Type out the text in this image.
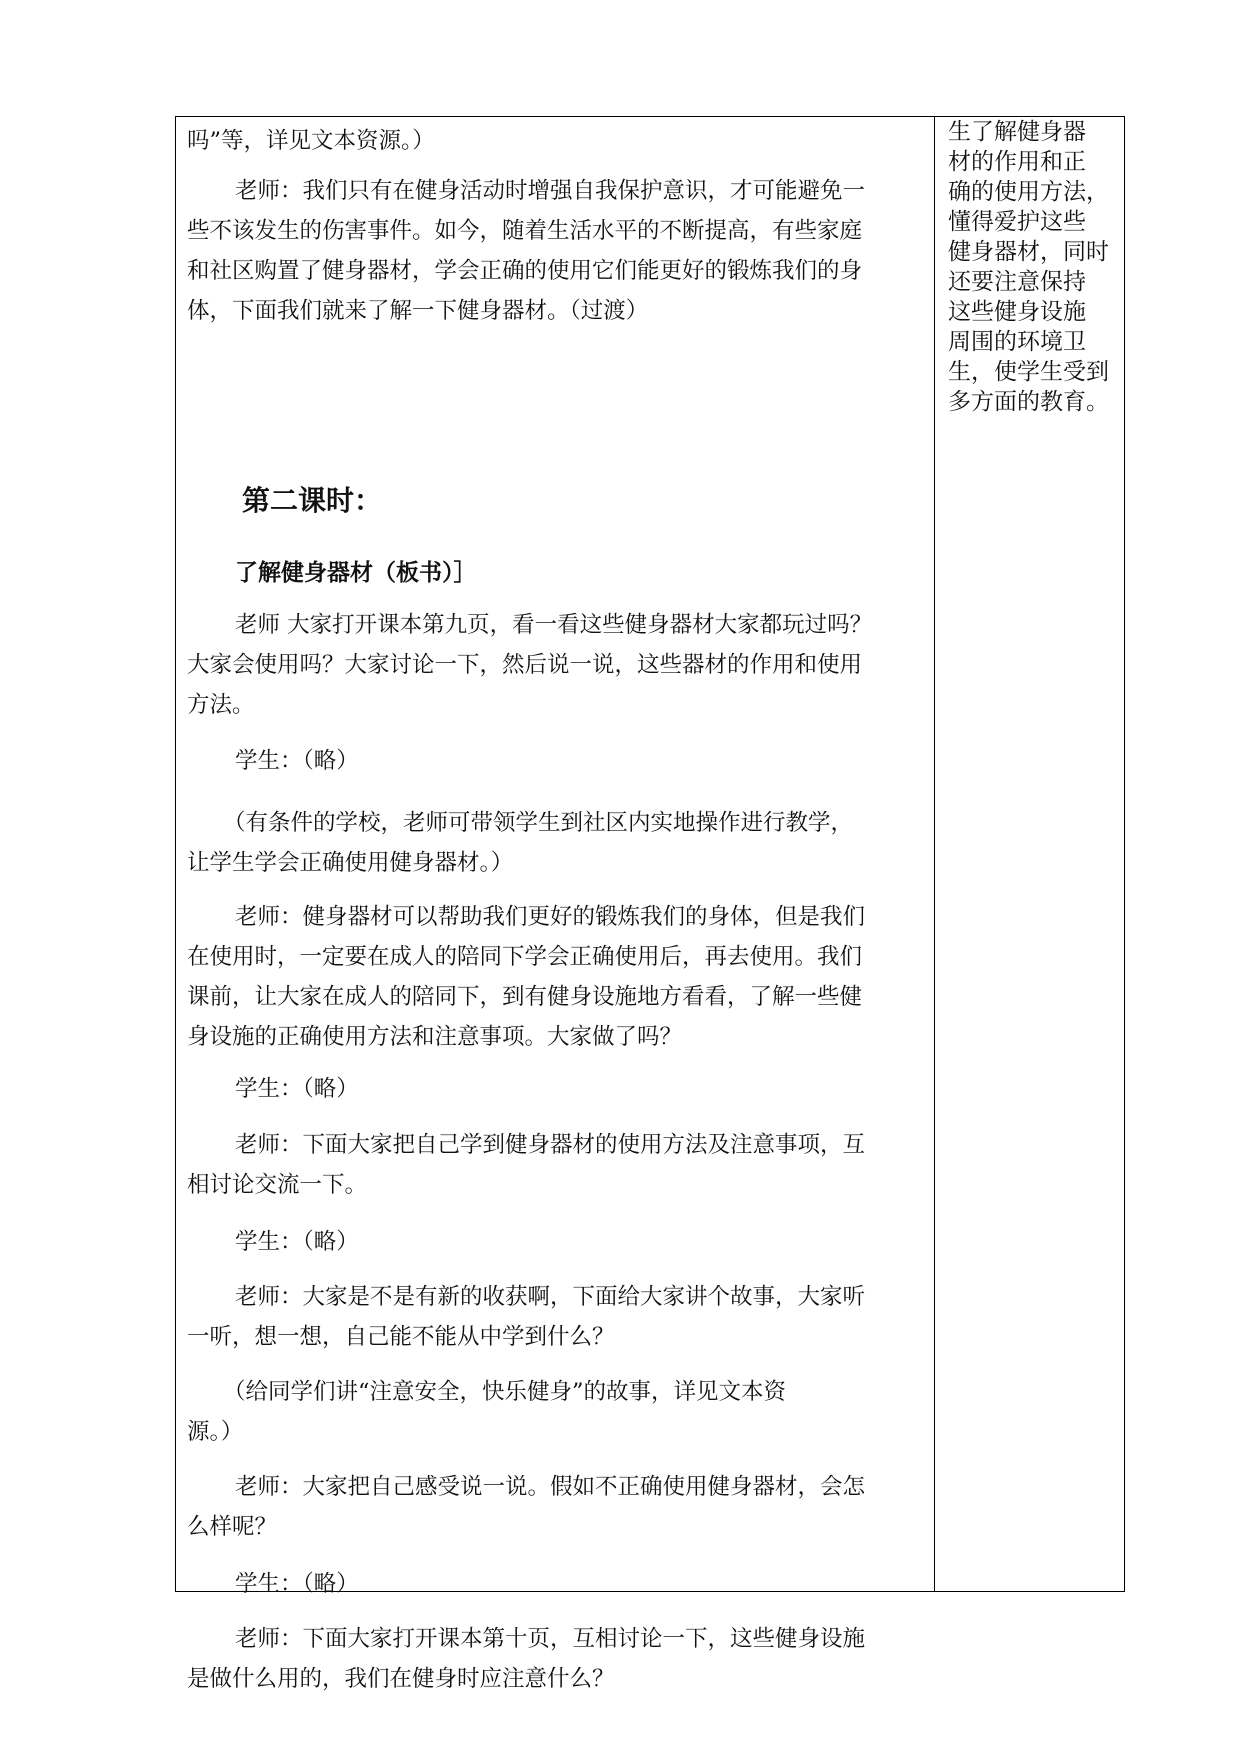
吗”等，详见文本资源。）
老师：我们只有在健身活动时增强自我保护意识，才可能避免一
些不该发生的伤害事件。如今，随着生活水平的不断提高，有些家庭
和社区购置了健身器材，学会正确的使用它们能更好的锻炼我们的身
体，下面我们就来了解一下健身器材。（过渡）
第二课时：
了解健身器材（板书）］
老师 大家打开课本第九页，看一看这些健身器材大家都玩过吗？
大家会使用吗？大家讨论一下，然后说一说，这些器材的作用和使用
方法。
学生：（略）
（有条件的学校，老师可带领学生到社区内实地操作进行教学，
让学生学会正确使用健身器材。）
老师：健身器材可以帮助我们更好的锻炼我们的身体，但是我们
在使用时，一定要在成人的陪同下学会正确使用后，再去使用。我们
课前，让大家在成人的陪同下，到有健身设施地方看看，了解一些健
身设施的正确使用方法和注意事项。大家做了吗？
学生：（略）
老师：下面大家把自己学到健身器材的使用方法及注意事项，互
相讨论交流一下。
学生：（略）
老师：大家是不是有新的收获啊，下面给大家讲个故事，大家听
一听，想一想，自己能不能从中学到什么？
（给同学们讲“注意安全，快乐健身”的故事，详见文本资
源。）
老师：大家把自己感受说一说。假如不正确使用健身器材，会怎
么样呢？
学生：（略）
老师：下面大家打开课本第十页，互相讨论一下，这些健身设施
是做什么用的，我们在健身时应注意什么？
生了解健身器
材的作用和正
确的使用方法，
懂得爱护这些
健身器材，同时
还要注意保持
这些健身设施
周围的环境卫
生，使学生受到
多方面的教育。
